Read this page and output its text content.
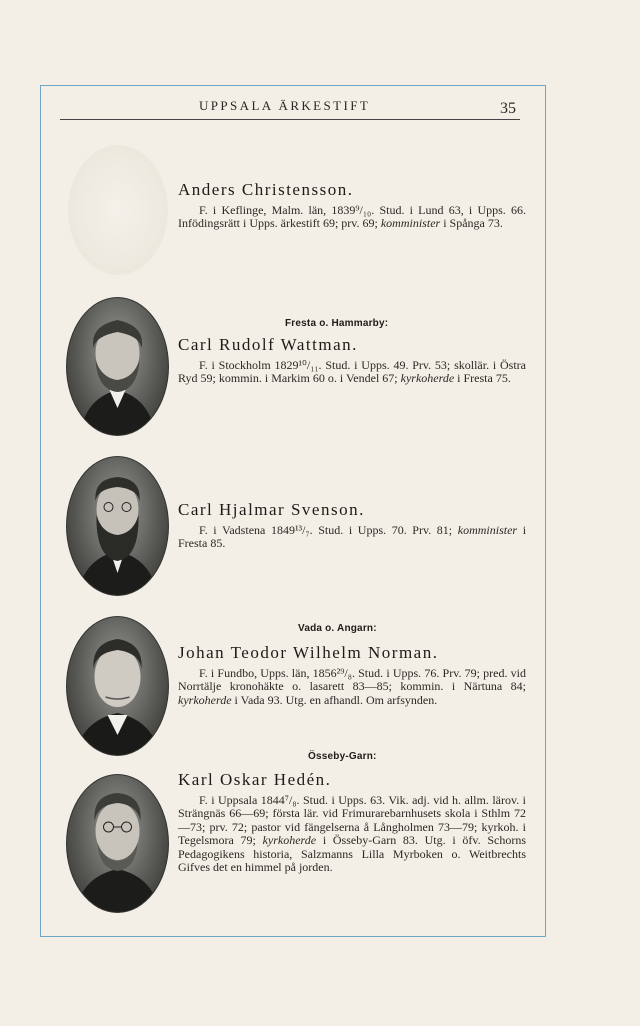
UPPSALA ÄRKESTIFT	35
Fresta o. Hammarby:
Vada o. Angarn:
Össeby-Garn:
Anders Christensson.
F. i Keflinge, Malm. län, 1839⁹/₁₀. Stud. i Lund 63, i Upps. 66. Infödingsrätt i Upps. ärkestift 69; prv. 69; komminister i Spånga 73.
Carl Rudolf Wattman.
F. i Stockholm 1829¹⁰/₁₁. Stud. i Upps. 49. Prv. 53; skollär. i Östra Ryd 59; kommin. i Markim 60 o. i Vendel 67; kyrkoherde i Fresta 75.
Carl Hjalmar Svenson.
F. i Vadstena 1849¹³/₇. Stud. i Upps. 70. Prv. 81; komminister i Fresta 85.
Johan Teodor Wilhelm Norman.
F. i Fundbo, Upps. län, 1856²⁹/₈. Stud. i Upps. 76. Prv. 79; pred. vid Norrtälje kronohäkte o. lasarett 83—85; kommin. i Närtuna 84; kyrkoherde i Vada 93. Utg. en afhandl. Om arfsynden.
Karl Oskar Hedén.
F. i Uppsala 1844⁷/₈. Stud. i Upps. 63. Vik. adj. vid h. allm. lärov. i Strängnäs 66—69; första lär. vid Frimurarebarnhusets skola i Sthlm 72—73; prv. 72; pastor vid fängelserna å Långholmen 73—79; kyrkoh. i Tegelsmora 79; kyrkoherde i Össeby-Garn 83. Utg. i öfv. Schorns Pedagogikens historia, Salzmanns Lilla Myrboken o. Weitbrechts Gifves det en himmel på jorden.
